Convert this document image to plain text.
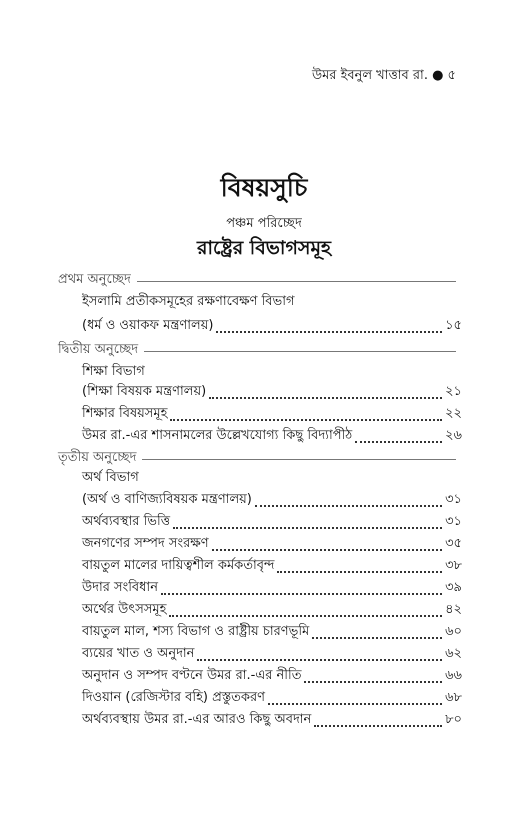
উমর ইবনুল খাত্তাব রা. ● ৫
বিষয়সুচি
পঞ্চম পরিচ্ছেদ
রাষ্ট্রের বিভাগসমূহ
প্রথম অনুচ্ছেদ
ইসলামি প্রতীকসমূহের রক্ষণাবেক্ষণ বিভাগ
(ধর্ম ও ওয়াকফ মন্ত্রণালয়)	১৫
দ্বিতীয় অনুচ্ছেদ
শিক্ষা বিভাগ
(শিক্ষা বিষয়ক মন্ত্রণালয়)	২১
শিক্ষার বিষয়সমূহ	২২
উমর রা.-এর শাসনামলের উল্লেখযোগ্য কিছু বিদ্যাপীঠ	২৬
তৃতীয় অনুচ্ছেদ
অর্থ বিভাগ
(অর্থ ও বাণিজ্যবিষয়ক মন্ত্রণালয়)	৩১
অর্থব্যবস্থার ভিত্তি	৩১
জনগণের সম্পদ সংরক্ষণ	৩৫
বায়তুল মালের দায়িত্বশীল কর্মকর্তাবৃন্দ	৩৮
উদার সংবিধান	৩৯
অর্থের উৎসসমূহ	৪২
বায়তুল মাল, শস্য বিভাগ ও রাষ্ট্রীয় চারণভূমি	৬০
ব্যয়ের খাত ও অনুদান	৬২
অনুদান ও সম্পদ বণ্টনে উমর রা.-এর নীতি	৬৬
দিওয়ান (রেজিস্টার বহি) প্রস্তুতকরণ	৬৮
অর্থব্যবস্থায় উমর রা.-এর আরও কিছু অবদান	৮০
